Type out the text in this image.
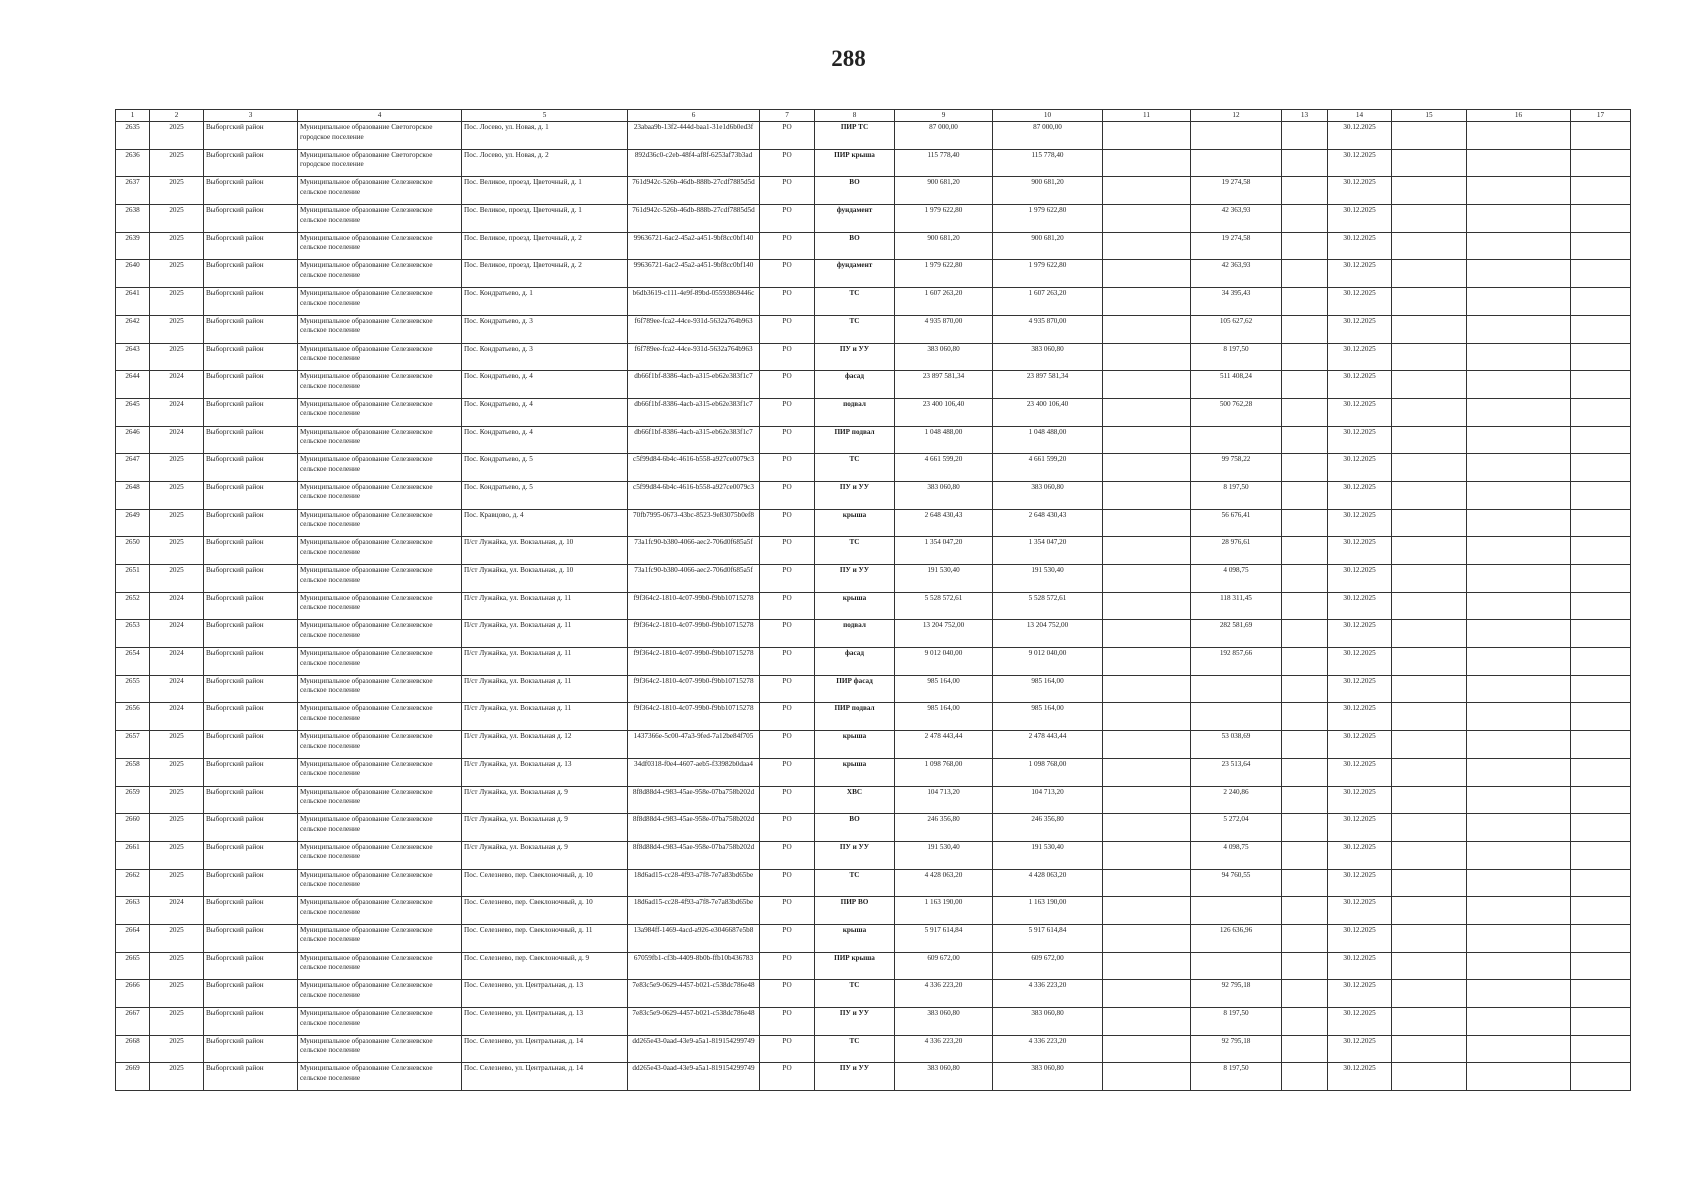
288
1	2	3	4	5	6	7	8	9	10	11	12	13	14	15	16	17
2635	2025	Выборгский район	Муниципальное образование Светогорское городское поселение	Пос. Лосево, ул. Новая, д. 1	23abaa9b-13f2-444d-baa1-31e1d6b0ed3f	РО	ПИР ТС	87 000,00	87 000,00				30.12.2025			
2636	2025	Выборгский район	Муниципальное образование Светогорское городское поселение	Пос. Лосево, ул. Новая, д. 2	892d36c0-c2eb-48f4-af8f-6253af73b3ad	РО	ПИР крыша	115 778,40	115 778,40				30.12.2025			
2637	2025	Выборгский район	Муниципальное образование Селезневское сельское поселение	Пос. Великое, проезд. Цветочный, д. 1	761d942c-526b-46db-888b-27cdf7885d5d	РО	ВО	900 681,20	900 681,20		19 274,58		30.12.2025			
2638	2025	Выборгский район	Муниципальное образование Селезневское сельское поселение	Пос. Великое, проезд. Цветочный, д. 1	761d942c-526b-46db-888b-27cdf7885d5d	РО	фундамент	1 979 622,80	1 979 622,80		42 363,93		30.12.2025			
2639	2025	Выборгский район	Муниципальное образование Селезневское сельское поселение	Пос. Великое, проезд. Цветочный, д. 2	99636721-6ac2-45a2-a451-9bf8cc0bf140	РО	ВО	900 681,20	900 681,20		19 274,58		30.12.2025			
2640	2025	Выборгский район	Муниципальное образование Селезневское сельское поселение	Пос. Великое, проезд. Цветочный, д. 2	99636721-6ac2-45a2-a451-9bf8cc0bf140	РО	фундамент	1 979 622,80	1 979 622,80		42 363,93		30.12.2025			
2641	2025	Выборгский район	Муниципальное образование Селезневское сельское поселение	Пос. Кондратьево, д. 1	b6db3619-c111-4e9f-89bd-05593869446c	РО	ТС	1 607 263,20	1 607 263,20		34 395,43		30.12.2025			
2642	2025	Выборгский район	Муниципальное образование Селезневское сельское поселение	Пос. Кондратьево, д. 3	f6f789ee-fca2-44ce-931d-5632a764b963	РО	ТС	4 935 870,00	4 935 870,00		105 627,62		30.12.2025			
2643	2025	Выборгский район	Муниципальное образование Селезневское сельское поселение	Пос. Кондратьево, д. 3	f6f789ee-fca2-44ce-931d-5632a764b963	РО	ПУ и УУ	383 060,80	383 060,80		8 197,50		30.12.2025			
2644	2024	Выборгский район	Муниципальное образование Селезневское сельское поселение	Пос. Кондратьево, д. 4	db66f1bf-8386-4acb-a315-eb62e383f1c7	РО	фасад	23 897 581,34	23 897 581,34		511 408,24		30.12.2025			
2645	2024	Выборгский район	Муниципальное образование Селезневское сельское поселение	Пос. Кондратьево, д. 4	db66f1bf-8386-4acb-a315-eb62e383f1c7	РО	подвал	23 400 106,40	23 400 106,40		500 762,28		30.12.2025			
2646	2024	Выборгский район	Муниципальное образование Селезневское сельское поселение	Пос. Кондратьево, д. 4	db66f1bf-8386-4acb-a315-eb62e383f1c7	РО	ПИР подвал	1 048 488,00	1 048 488,00				30.12.2025			
2647	2025	Выборгский район	Муниципальное образование Селезневское сельское поселение	Пос. Кондратьево, д. 5	c5f99d84-6b4c-4616-b558-a927ce0079c3	РО	ТС	4 661 599,20	4 661 599,20		99 758,22		30.12.2025			
2648	2025	Выборгский район	Муниципальное образование Селезневское сельское поселение	Пос. Кондратьево, д. 5	c5f99d84-6b4c-4616-b558-a927ce0079c3	РО	ПУ и УУ	383 060,80	383 060,80		8 197,50		30.12.2025			
2649	2025	Выборгский район	Муниципальное образование Селезневское сельское поселение	Пос. Кравцово, д. 4	70fb7995-0673-43bc-8523-9e83075b0ef8	РО	крыша	2 648 430,43	2 648 430,43		56 676,41		30.12.2025			
2650	2025	Выборгский район	Муниципальное образование Селезневское сельское поселение	П/ст Лужайка, ул. Вокзальная, д. 10	73a1fc90-b380-4066-aec2-706d0f685a5f	РО	ТС	1 354 047,20	1 354 047,20		28 976,61		30.12.2025			
2651	2025	Выборгский район	Муниципальное образование Селезневское сельское поселение	П/ст Лужайка, ул. Вокзальная, д. 10	73a1fc90-b380-4066-aec2-706d0f685a5f	РО	ПУ и УУ	191 530,40	191 530,40		4 098,75		30.12.2025			
2652	2024	Выборгский район	Муниципальное образование Селезневское сельское поселение	П/ст Лужайка, ул. Вокзальная д. 11	f9f364c2-1810-4c07-99b0-f9bb10715278	РО	крыша	5 528 572,61	5 528 572,61		118 311,45		30.12.2025			
2653	2024	Выборгский район	Муниципальное образование Селезневское сельское поселение	П/ст Лужайка, ул. Вокзальная д. 11	f9f364c2-1810-4c07-99b0-f9bb10715278	РО	подвал	13 204 752,00	13 204 752,00		282 581,69		30.12.2025			
2654	2024	Выборгский район	Муниципальное образование Селезневское сельское поселение	П/ст Лужайка, ул. Вокзальная д. 11	f9f364c2-1810-4c07-99b0-f9bb10715278	РО	фасад	9 012 040,00	9 012 040,00		192 857,66		30.12.2025			
2655	2024	Выборгский район	Муниципальное образование Селезневское сельское поселение	П/ст Лужайка, ул. Вокзальная д. 11	f9f364c2-1810-4c07-99b0-f9bb10715278	РО	ПИР фасад	985 164,00	985 164,00				30.12.2025			
2656	2024	Выборгский район	Муниципальное образование Селезневское сельское поселение	П/ст Лужайка, ул. Вокзальная д. 11	f9f364c2-1810-4c07-99b0-f9bb10715278	РО	ПИР подвал	985 164,00	985 164,00				30.12.2025			
2657	2025	Выборгский район	Муниципальное образование Селезневское сельское поселение	П/ст Лужайка, ул. Вокзальная д. 12	1437366e-5c00-47a3-9fed-7a12be84f705	РО	крыша	2 478 443,44	2 478 443,44		53 038,69		30.12.2025			
2658	2025	Выборгский район	Муниципальное образование Селезневское сельское поселение	П/ст Лужайка, ул. Вокзальная д. 13	34df0318-f0e4-4607-aeb5-f33982b0daa4	РО	крыша	1 098 768,00	1 098 768,00		23 513,64		30.12.2025			
2659	2025	Выборгский район	Муниципальное образование Селезневское сельское поселение	П/ст Лужайка, ул. Вокзальная д. 9	8f8d88d4-c983-45ae-958e-07ba758b202d	РО	ХВС	104 713,20	104 713,20		2 240,86		30.12.2025			
2660	2025	Выборгский район	Муниципальное образование Селезневское сельское поселение	П/ст Лужайка, ул. Вокзальная д. 9	8f8d88d4-c983-45ae-958e-07ba758b202d	РО	ВО	246 356,80	246 356,80		5 272,04		30.12.2025			
2661	2025	Выборгский район	Муниципальное образование Селезневское сельское поселение	П/ст Лужайка, ул. Вокзальная д. 9	8f8d88d4-c983-45ae-958e-07ba758b202d	РО	ПУ и УУ	191 530,40	191 530,40		4 098,75		30.12.2025			
2662	2025	Выборгский район	Муниципальное образование Селезневское сельское поселение	Пос. Селезнево, пер. Свеклоночный, д. 10	18d6ad15-cc28-4f93-a7f8-7e7a83bd65be	РО	ТС	4 428 063,20	4 428 063,20		94 760,55		30.12.2025			
2663	2024	Выборгский район	Муниципальное образование Селезневское сельское поселение	Пос. Селезнево, пер. Свеклоночный, д. 10	18d6ad15-cc28-4f93-a7f8-7e7a83bd65be	РО	ПИР ВО	1 163 190,00	1 163 190,00				30.12.2025			
2664	2025	Выборгский район	Муниципальное образование Селезневское сельское поселение	Пос. Селезнево, пер. Свеклоночный, д. 11	13a984ff-1469-4acd-a926-e3046687e5b8	РО	крыша	5 917 614,84	5 917 614,84		126 636,96		30.12.2025			
2665	2025	Выборгский район	Муниципальное образование Селезневское сельское поселение	Пос. Селезнево, пер. Свеклоночный, д. 9	67059fb1-cf3b-4409-8b0b-ffb10b436783	РО	ПИР крыша	609 672,00	609 672,00				30.12.2025			
2666	2025	Выборгский район	Муниципальное образование Селезневское сельское поселение	Пос. Селезнево, ул. Центральная, д. 13	7e83c5e9-0629-4457-b021-c538dc786e48	РО	ТС	4 336 223,20	4 336 223,20		92 795,18		30.12.2025			
2667	2025	Выборгский район	Муниципальное образование Селезневское сельское поселение	Пос. Селезнево, ул. Центральная, д. 13	7e83c5e9-0629-4457-b021-c538dc786e48	РО	ПУ и УУ	383 060,80	383 060,80		8 197,50		30.12.2025			
2668	2025	Выборгский район	Муниципальное образование Селезневское сельское поселение	Пос. Селезнево, ул. Центральная, д. 14	dd265e43-0aad-43e9-a5a1-819154299749	РО	ТС	4 336 223,20	4 336 223,20		92 795,18		30.12.2025			
2669	2025	Выборгский район	Муниципальное образование Селезневское сельское поселение	Пос. Селезнево, ул. Центральная, д. 14	dd265e43-0aad-43e9-a5a1-819154299749	РО	ПУ и УУ	383 060,80	383 060,80		8 197,50		30.12.2025			
